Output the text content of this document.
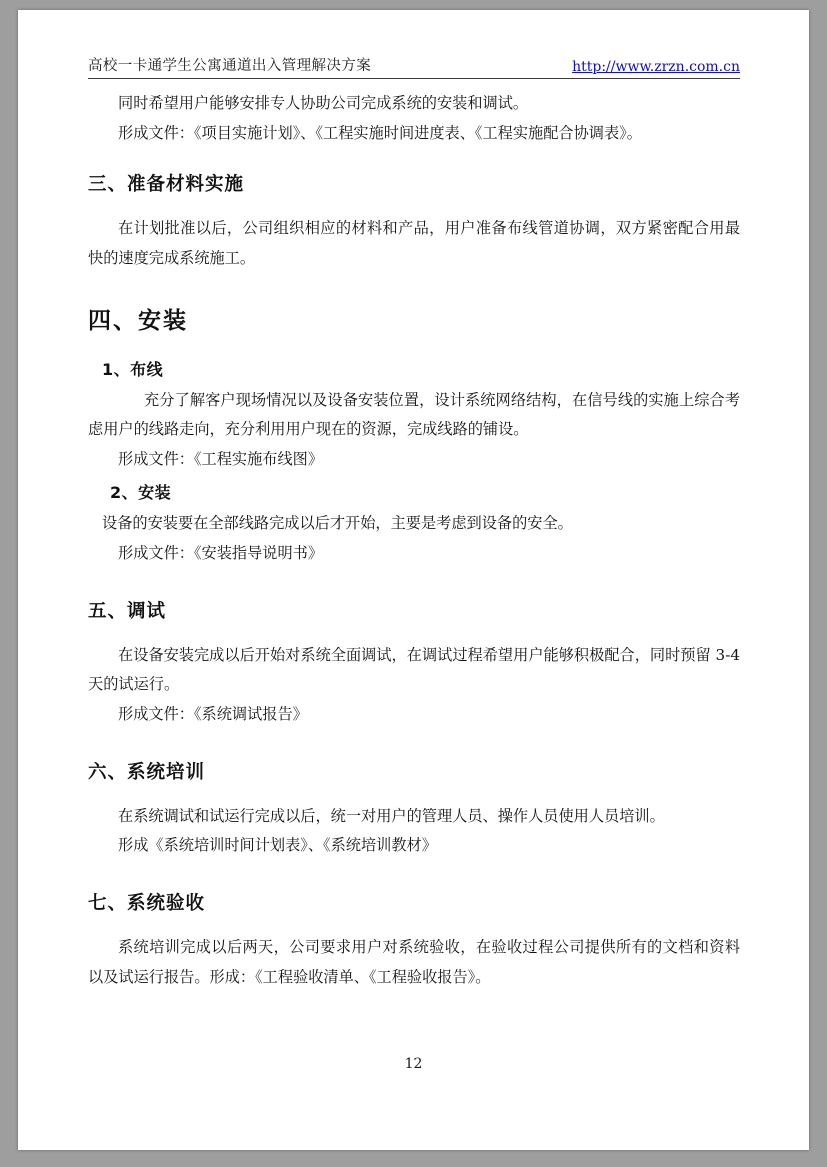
高校一卡通学生公寓通道出入管理解决方案	http://www.zrzn.com.cn

同时希望用户能够安排专人协助公司完成系统的安装和调试。

形成文件：《项目实施计划》、《工程实施时间进度表、《工程实施配合协调表》。

三、准备材料实施

在计划批准以后，公司组织相应的材料和产品，用户准备布线管道协调，双方紧密配合用最快的速度完成系统施工。

四、安装
1、布线

充分了解客户现场情况以及设备安装位置，设计系统网络结构，在信号线的实施上综合考虑用户的线路走向，充分利用用户现在的资源，完成线路的铺设。

形成文件：《工程实施布线图》

2、安装

设备的安装要在全部线路完成以后才开始，主要是考虑到设备的安全。

形成文件：《安装指导说明书》

五、调试

在设备安装完成以后开始对系统全面调试，在调试过程希望用户能够积极配合，同时预留 3-4 天的试运行。

形成文件：《系统调试报告》

六、系统培训

在系统调试和试运行完成以后，统一对用户的管理人员、操作人员使用人员培训。

形成《系统培训时间计划表》、《系统培训教材》

七、系统验收

系统培训完成以后两天，公司要求用户对系统验收，在验收过程公司提供所有的文档和资料以及试运行报告。形成：《工程验收清单、《工程验收报告》。

12
